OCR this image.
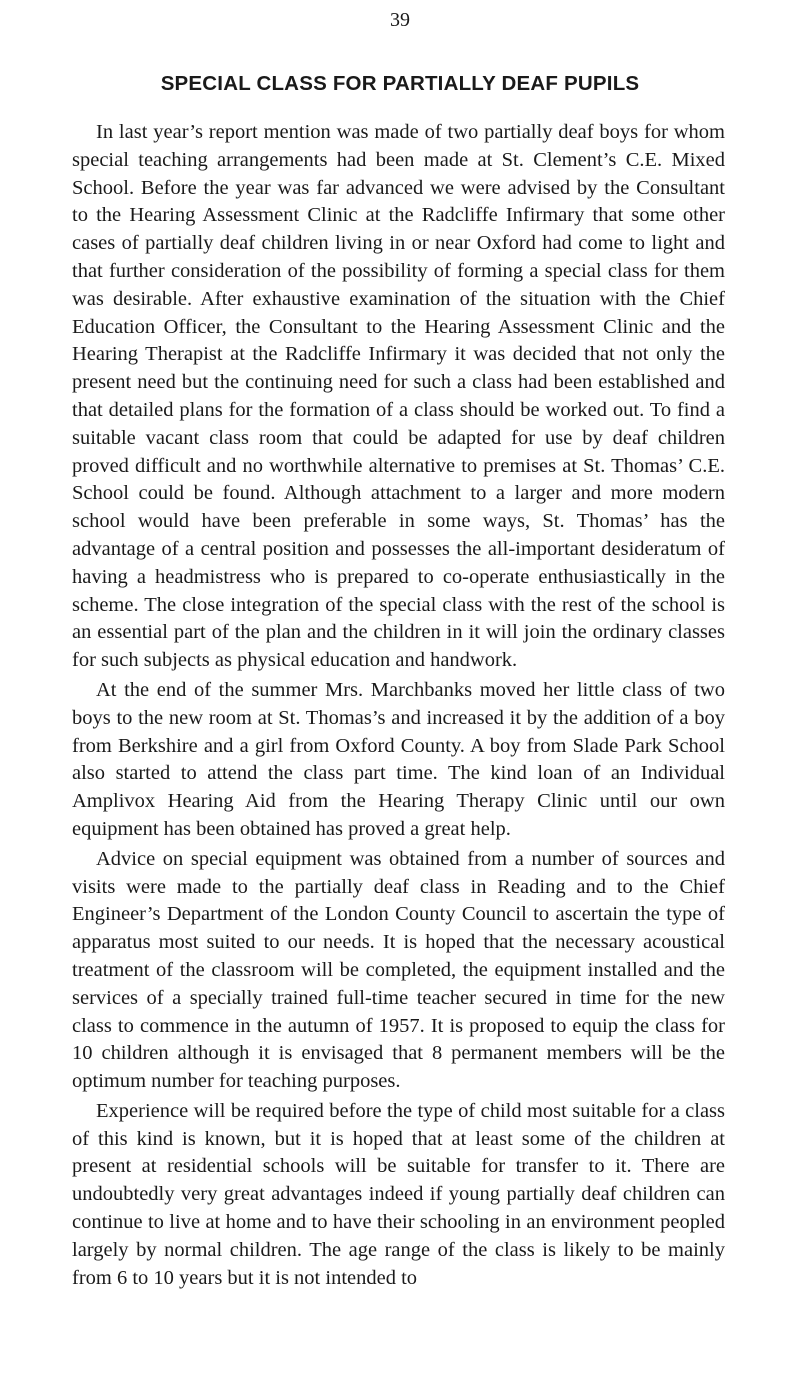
39
SPECIAL CLASS FOR PARTIALLY DEAF PUPILS

In last year’s report mention was made of two partially deaf boys for whom special teaching arrangements had been made at St. Clement’s C.E. Mixed School. Before the year was far advanced we were advised by the Consultant to the Hearing Assessment Clinic at the Radcliffe Infirmary that some other cases of partially deaf children living in or near Oxford had come to light and that further consideration of the possibility of forming a special class for them was desirable. After exhaustive examination of the situation with the Chief Education Officer, the Consultant to the Hearing Assessment Clinic and the Hearing Therapist at the Radcliffe Infirmary it was decided that not only the present need but the continuing need for such a class had been established and that detailed plans for the formation of a class should be worked out. To find a suitable vacant class room that could be adapted for use by deaf children proved difficult and no worthwhile alternative to premises at St. Thomas’ C.E. School could be found. Although attachment to a larger and more modern school would have been preferable in some ways, St. Thomas’ has the advantage of a central position and possesses the all-important desideratum of having a headmistress who is prepared to co-operate enthusiastically in the scheme. The close integration of the special class with the rest of the school is an essential part of the plan and the children in it will join the ordinary classes for such subjects as physical education and handwork.

At the end of the summer Mrs. Marchbanks moved her little class of two boys to the new room at St. Thomas’s and increased it by the addition of a boy from Berkshire and a girl from Oxford County. A boy from Slade Park School also started to attend the class part time. The kind loan of an Individual Amplivox Hearing Aid from the Hearing Therapy Clinic until our own equipment has been obtained has proved a great help.

Advice on special equipment was obtained from a number of sources and visits were made to the partially deaf class in Reading and to the Chief Engineer’s Department of the London County Council to ascertain the type of apparatus most suited to our needs. It is hoped that the necessary acoustical treatment of the classroom will be completed, the equipment installed and the services of a specially trained full-time teacher secured in time for the new class to commence in the autumn of 1957. It is proposed to equip the class for 10 children although it is envisaged that 8 permanent members will be the optimum number for teaching purposes.

Experience will be required before the type of child most suitable for a class of this kind is known, but it is hoped that at least some of the children at present at residential schools will be suitable for transfer to it. There are undoubtedly very great advantages indeed if young partially deaf children can continue to live at home and to have their schooling in an environment peopled largely by normal children. The age range of the class is likely to be mainly from 6 to 10 years but it is not intended to
